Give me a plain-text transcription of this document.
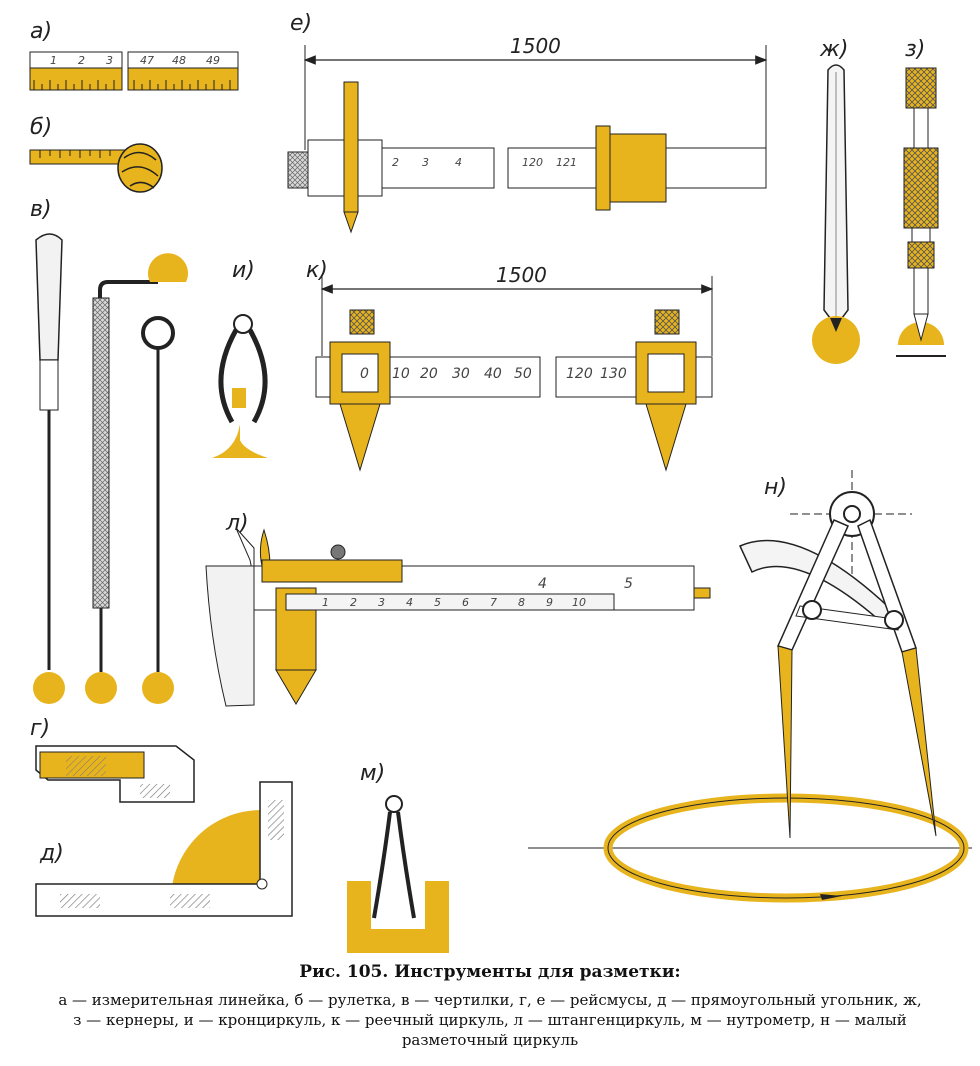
а)
б)
в)
г)
д)
е)
ж)	з)
и) к)
л)
м)
н)
1 2 3 47 48 49
1500
2 3 4	120 121
1500
0 10 20 30 40 50 120 130
4	5
1 2 3 4 5 6 7 8 9 10
Рис. 105. Инструменты для разметки:
а — измерительная линейка, б — рулетка, в — чертилки, г, е — рейсмусы, д — прямоугольный угольник, ж, з — кернеры, и — кронциркуль, к — реечный циркуль, л — штангенциркуль, м — нутрометр, н — малый разметочный циркуль
